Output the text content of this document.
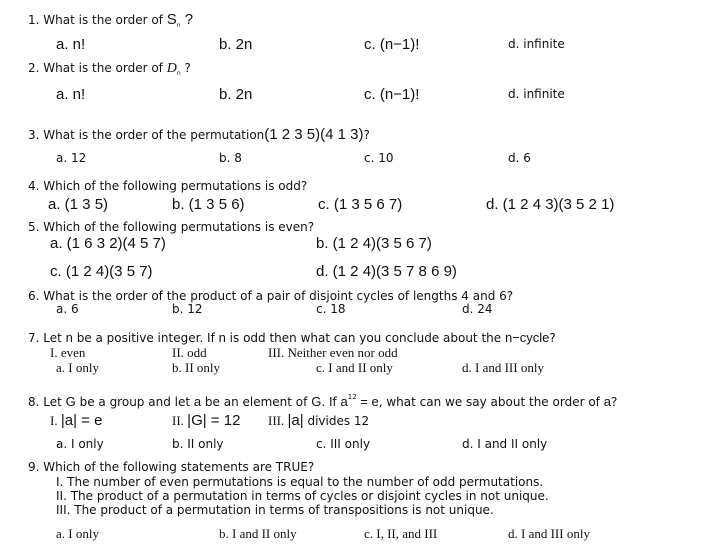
1. What is the order of $S_n$ ?
a. n!	b. 2n	c. (n−1)!	d. infinite
2. What is the order of $D_n$ ?
a. n!	b. 2n	c. (n−1)!	d. infinite
3. What is the order of the permutation(1 2 3 5)(4 1 3)?
a. 12	b. 8	c. 10	d. 6
4. Which of the following permutations is odd?
a. (1 3 5)	b. (1 3 5 6)	c. (1 3 5 6 7)	d. (1 2 4 3)(3 5 2 1)
5. Which of the following permutations is even?
a. (1 6 3 2)(4 5 7)	b. (1 2 4)(3 5 6 7)
c. (1 2 4)(3 5 7)	d. (1 2 4)(3 5 7 8 6 9)
6. What is the order of the product of a pair of disjoint cycles of lengths 4 and 6?
a. 6	b. 12	c. 18	d. 24
7. Let n be a positive integer. If n is odd then what can you conclude about the n−cycle?
I. even	II. odd	III. Neither even nor odd
a. I only	b. II only	c. I and II only	d. I and III only
8. Let G be a group and let a be an element of G. If $a^{12} = e$, what can we say about the order of a?
I. |a| = e	II. |G| = 12 III. |a| divides 12
a. I only	b. II only	c. III only	d. I and II only
9. Which of the following statements are TRUE?
I. The number of even permutations is equal to the number of odd permutations.
II. The product of a permutation in terms of cycles or disjoint cycles in not unique.
III. The product of a permutation in terms of transpositions is not unique.
a. I only	b. I and II only	c. I, II, and III	d. I and III only
